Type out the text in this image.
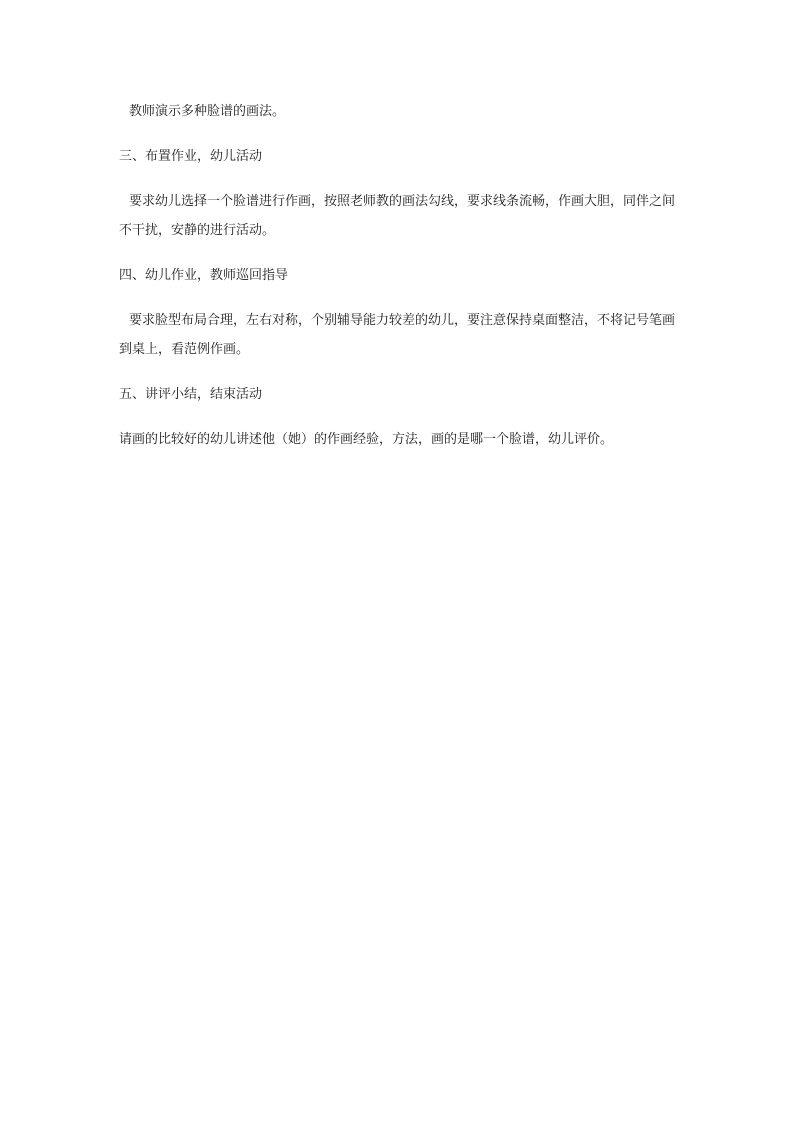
教师演示多种脸谱的画法。

三、布置作业，幼儿活动

要求幼儿选择一个脸谱进行作画，按照老师教的画法勾线，要求线条流畅，作画大胆，同伴之间不干扰，安静的进行活动。

四、幼儿作业，教师巡回指导

要求脸型布局合理，左右对称，个别辅导能力较差的幼儿，要注意保持桌面整洁，不将记号笔画到桌上，看范例作画。

五、讲评小结，结束活动

请画的比较好的幼儿讲述他（她）的作画经验，方法，画的是哪一个脸谱，幼儿评价。
